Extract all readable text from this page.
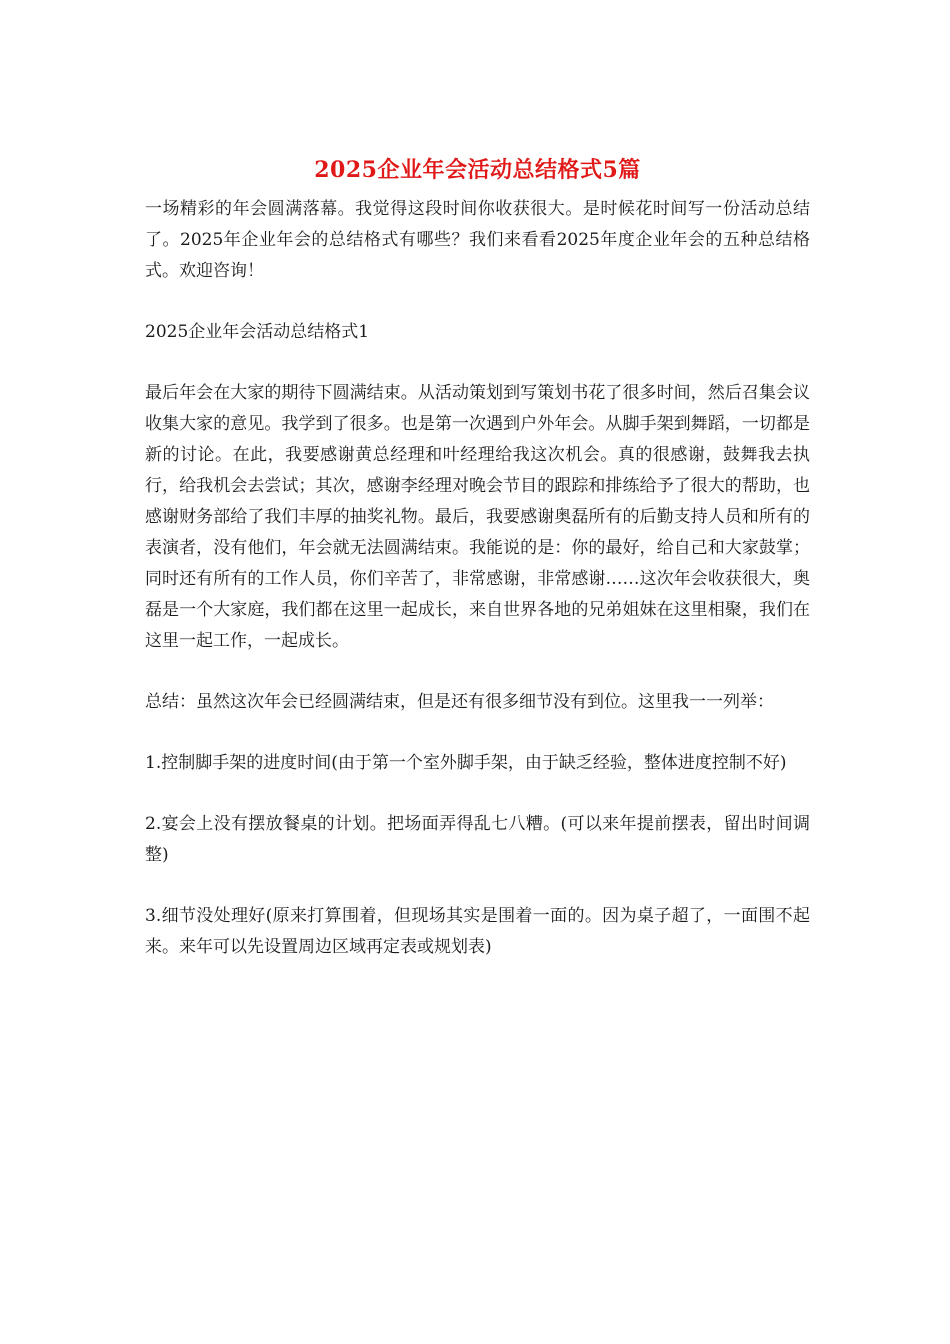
2025企业年会活动总结格式5篇

一场精彩的年会圆满落幕。我觉得这段时间你收获很大。是时候花时间写一份活动总结了。2025年企业年会的总结格式有哪些？我们来看看2025年度企业年会的五种总结格式。欢迎咨询！

2025企业年会活动总结格式1

最后年会在大家的期待下圆满结束。从活动策划到写策划书花了很多时间，然后召集会议收集大家的意见。我学到了很多。也是第一次遇到户外年会。从脚手架到舞蹈，一切都是新的讨论。在此，我要感谢黄总经理和叶经理给我这次机会。真的很感谢，鼓舞我去执行，给我机会去尝试；其次，感谢李经理对晚会节目的跟踪和排练给予了很大的帮助，也感谢财务部给了我们丰厚的抽奖礼物。最后，我要感谢奥磊所有的后勤支持人员和所有的表演者，没有他们，年会就无法圆满结束。我能说的是：你的最好，给自己和大家鼓掌；同时还有所有的工作人员，你们辛苦了，非常感谢，非常感谢……这次年会收获很大，奥磊是一个大家庭，我们都在这里一起成长，来自世界各地的兄弟姐妹在这里相聚，我们在这里一起工作，一起成长。

总结：虽然这次年会已经圆满结束，但是还有很多细节没有到位。这里我一一列举：

1.控制脚手架的进度时间(由于第一个室外脚手架，由于缺乏经验，整体进度控制不好)

2.宴会上没有摆放餐桌的计划。把场面弄得乱七八糟。(可以来年提前摆表，留出时间调整)

3.细节没处理好(原来打算围着，但现场其实是围着一面的。因为桌子超了，一面围不起来。来年可以先设置周边区域再定表或规划表)
